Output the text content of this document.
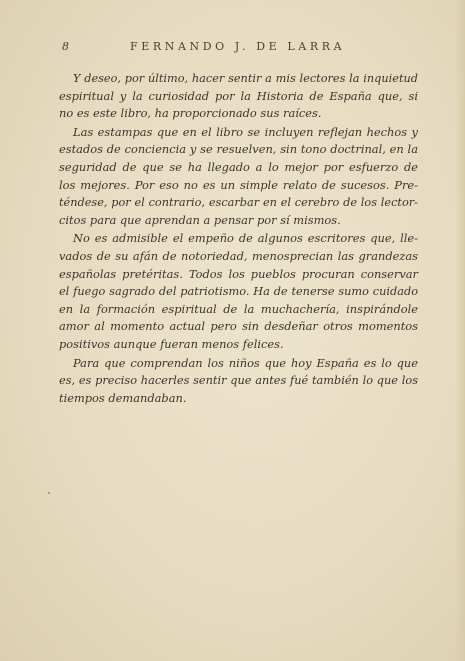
8	FERNANDO J. DE LARRA
Y deseo, por último, hacer sentir a mis lectores la inquietud
espiritual y la curiosidad por la Historia de España que, si
no es este libro, ha proporcionado sus raíces.
Las estampas que en el libro se incluyen reflejan hechos y
estados de conciencia y se resuelven, sin tono doctrinal, en la
seguridad de que se ha llegado a lo mejor por esfuerzo de
los mejores. Por eso no es un simple relato de sucesos. Pre-
téndese, por el contrario, escarbar en el cerebro de los lector-
citos para que aprendan a pensar por sí mismos.
No es admisible el empeño de algunos escritores que, lle-
vados de su afán de notoriedad, menosprecian las grandezas
españolas pretéritas. Todos los pueblos procuran conservar
el fuego sagrado del patriotismo. Ha de tenerse sumo cuidado
en la formación espiritual de la muchachería, inspirándole
amor al momento actual pero sin desdeñar otros momentos
positivos aunque fueran menos felices.
Para que comprendan los niños que hoy España es lo que
es, es preciso hacerles sentir que antes fué también lo que los
tiempos demandaban.
